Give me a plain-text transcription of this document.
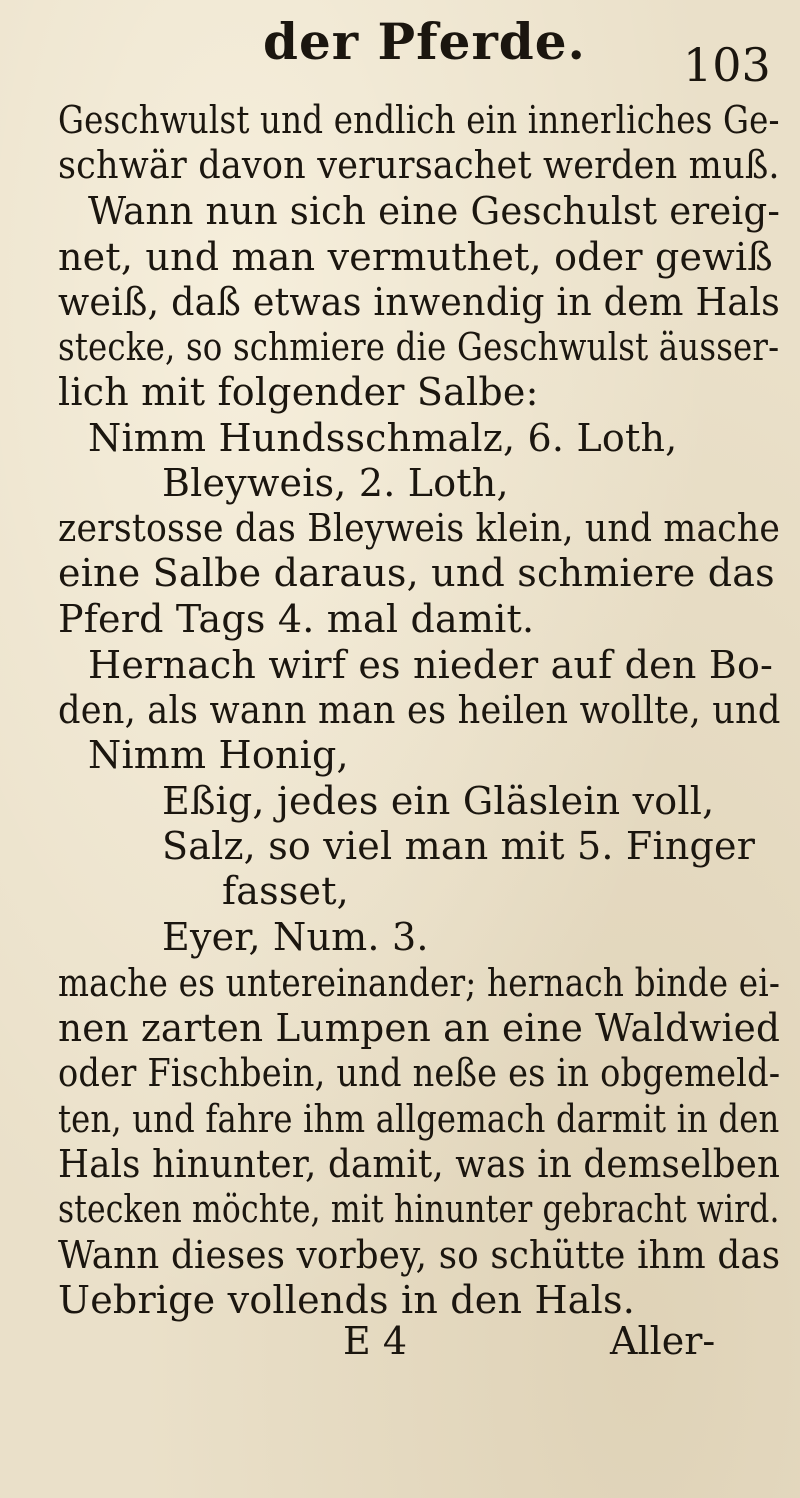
der Pferde. 103
Geschwulst und endlich ein innerliches Ge-
schwär davon verursachet werden muß.
Wann nun sich eine Geschulst ereig-
net, und man vermuthet, oder gewiß
weiß, daß etwas inwendig in dem Hals
stecke, so schmiere die Geschwulst äusser-
lich mit folgender Salbe:
Nimm Hundsschmalz, 6. Loth,
Bleyweis, 2. Loth,
zerstosse das Bleyweis klein, und mache
eine Salbe daraus, und schmiere das
Pferd Tags 4. mal damit.
Hernach wirf es nieder auf den Bo-
den, als wann man es heilen wollte, und
Nimm Honig,
Eßig, jedes ein Gläslein voll,
Salz, so viel man mit 5. Finger
fasset,
Eyer, Num. 3.
mache es untereinander; hernach binde ei-
nen zarten Lumpen an eine Waldwied
oder Fischbein, und neße es in obgemeld-
ten, und fahre ihm allgemach darmit in den
Hals hinunter, damit, was in demselben
stecken möchte, mit hinunter gebracht wird.
Wann dieses vorbey, so schütte ihm das
Uebrige vollends in den Hals.
E 4	Aller-
